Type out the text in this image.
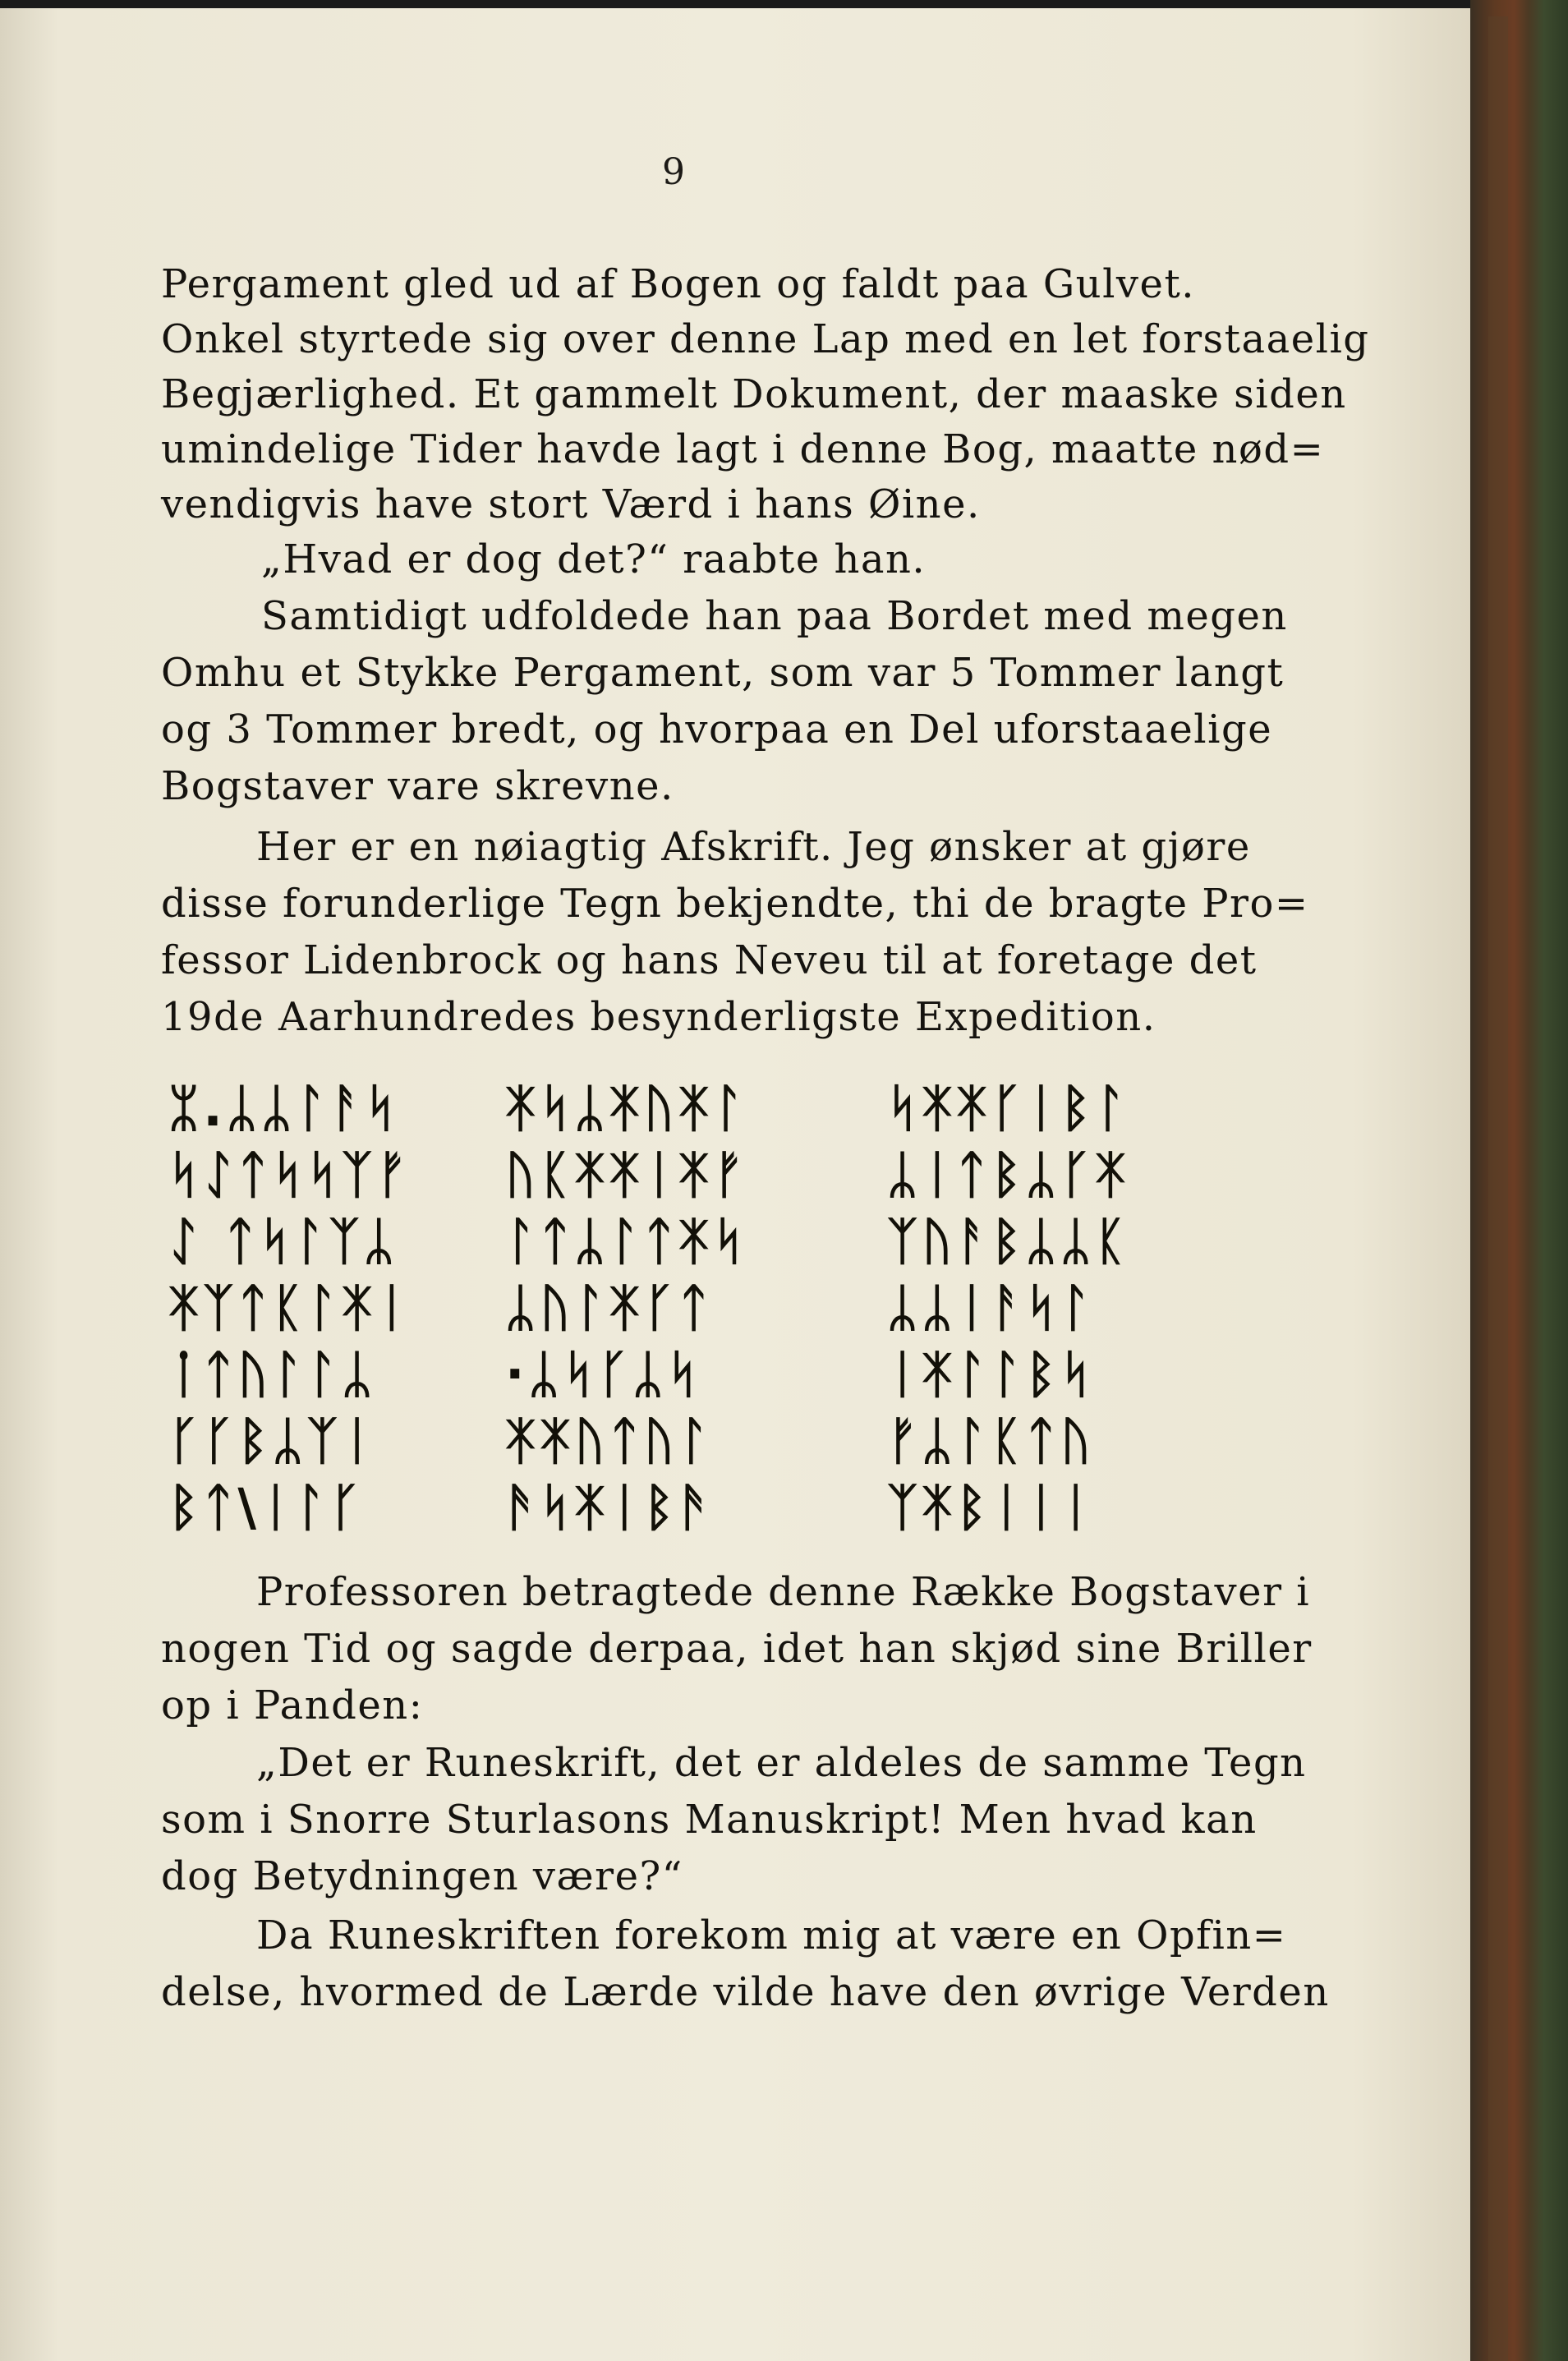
9
Pergament gled ud af Bogen og faldt paa Gulvet.
Onkel styrtede sig over denne Lap med en let forstaaelig
Begjærlighed. Et gammelt Dokument, der maaske siden
umindelige Tider havde lagt i denne Bog, maatte nød=
vendigvis have stort Værd i hans Øine.
„Hvad er dog det?“ raabte han.
Samtidigt udfoldede han paa Bordet med megen
Omhu et Stykke Pergament, som var 5 Tommer langt
og 3 Tommer bredt, og hvorpaa en Del uforstaaelige
Bogstaver vare skrevne.
Her er en nøiagtig Afskrift. Jeg ønsker at gjøre
disse forunderlige Tegn bekjendte, thi de bragte Pro=
fessor Lidenbrock og hans Neveu til at foretage det
19de Aarhundredes besynderligste Expedition.
ᛯ.ᛦᛦᛚᚨᛋ
ᛋᛇᛏᛋᛋᛉᚠ
ᛇ ᛏᛋᛚᛉᛦ
ᛡᛉᛏᛕᛚᛡᛁ
ᛙᛏᚢᛚᛚᛦ
ᚴᚴᛒᛦᛉᛁ
ᛒᛏ\ᛁᛚᚴ
ᛡᛋᛦᛡᚢᛡᛚ
ᚢᛕᛡᛡᛁᛡᚠ
ᛚᛏᛦᛚᛏᛡᛋ
ᛦᚢᛚᛡᚴᛏ
·ᛦᛋᚴᛦᛋ
ᛡᛡᚢᛏᚢᛚ
ᚫᛋᛡᛁᛒᚫ
ᛋᛡᛡᚴᛁᛒᛚ
ᛦᛁᛏᛒᛦᚴᛡ
ᛉᚢᚨᛒᛦᛦᛕ
ᛦᛦᛁᚨᛋᛚ
ᛁᛡᛚᛚᛒᛋ
ᚠᛦᛚᛕᛏᚢ
ᛉᛡᛒᛁᛁᛁ
Professoren betragtede denne Række Bogstaver i
nogen Tid og sagde derpaa, idet han skjød sine Briller
op i Panden:
„Det er Runeskrift, det er aldeles de samme Tegn
som i Snorre Sturlasons Manuskript! Men hvad kan
dog Betydningen være?“
Da Runeskriften forekom mig at være en Opfin=
delse, hvormed de Lærde vilde have den øvrige Verden
